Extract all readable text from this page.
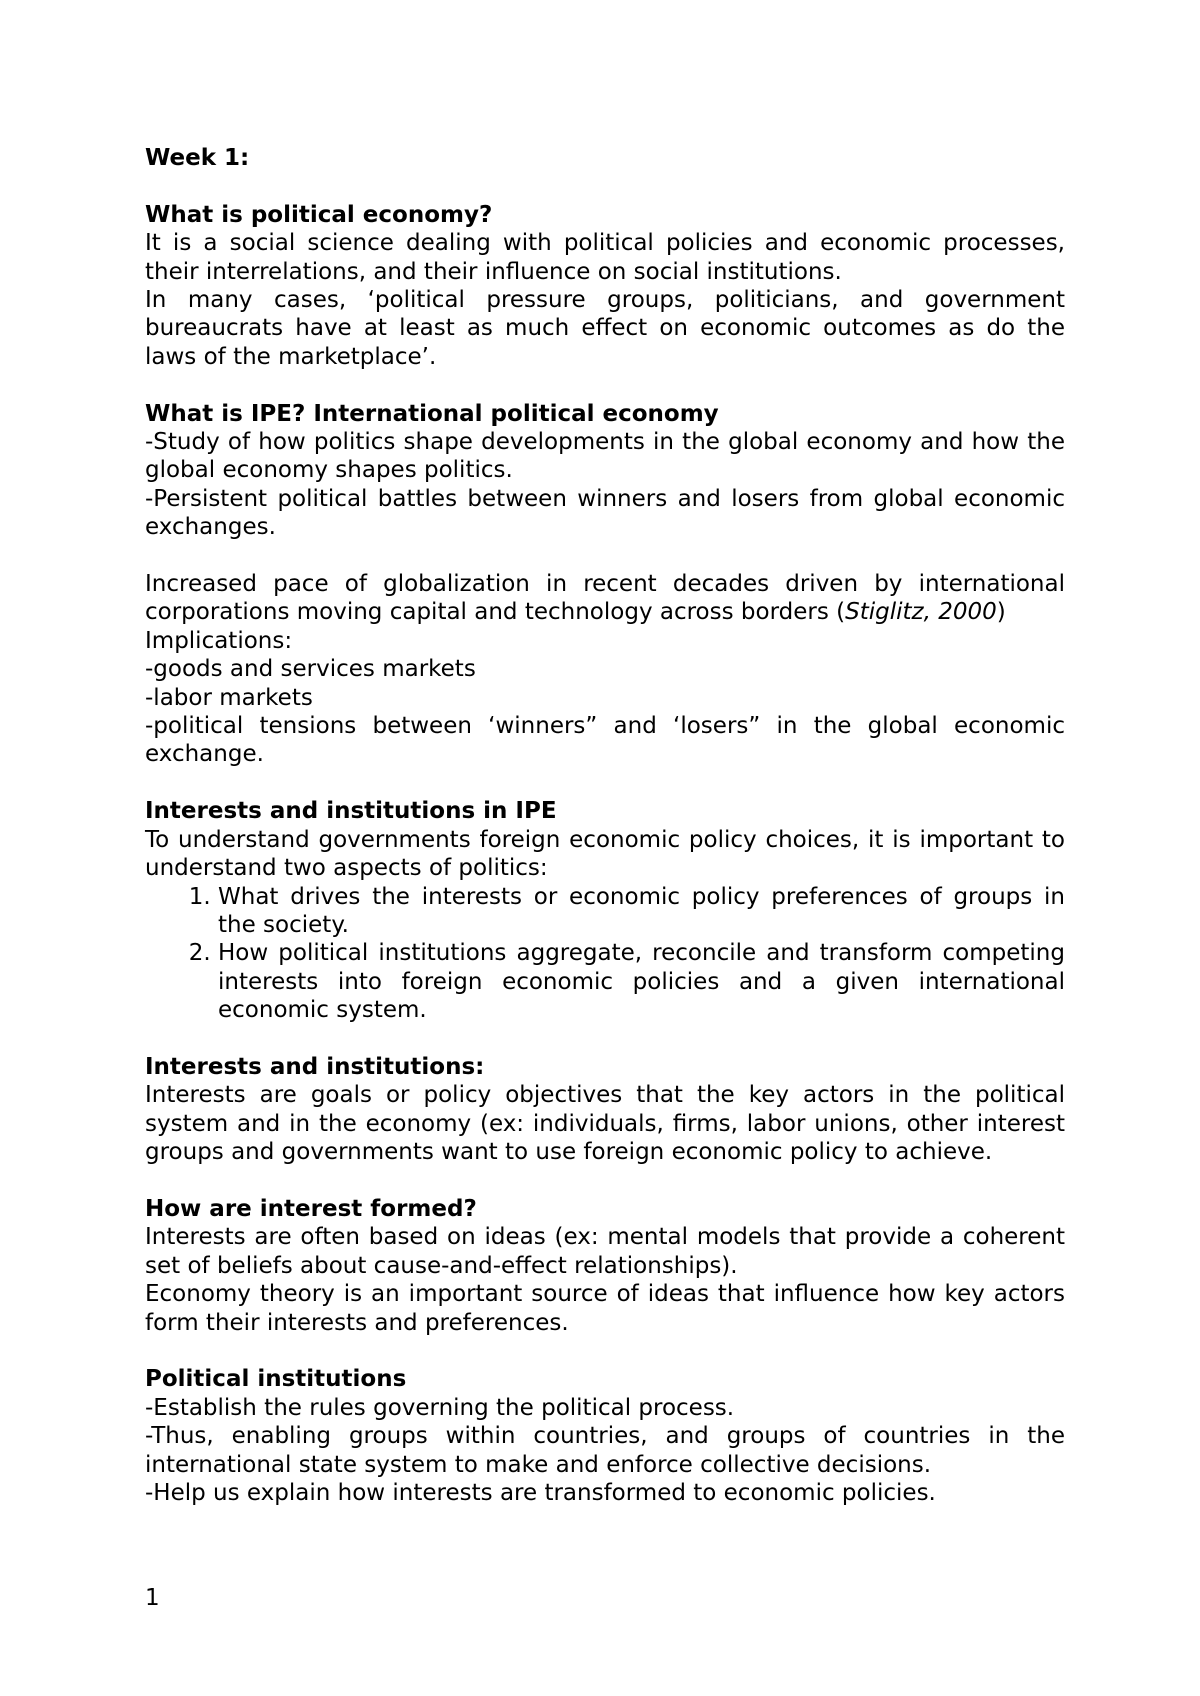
Week 1:

What is political economy?

It is a social science dealing with political policies and economic processes, their interrelations, and their influence on social institutions.

In many cases, ‘political pressure groups, politicians, and government bureaucrats have at least as much effect on economic outcomes as do the laws of the marketplace’.

What is IPE? International political economy

-Study of how politics shape developments in the global economy and how the global economy shapes politics.

-Persistent political battles between winners and losers from global economic exchanges.

Increased pace of globalization in recent decades driven by international corporations moving capital and technology across borders (Stiglitz, 2000)

Implications:

-goods and services markets

-labor markets

-political tensions between ‘winners” and ‘losers” in the global economic exchange.

Interests and institutions in IPE

To understand governments foreign economic policy choices, it is important to understand two aspects of politics:

1. What drives the interests or economic policy preferences of groups in the society.
2. How political institutions aggregate, reconcile and transform competing interests into foreign economic policies and a given international economic system.

Interests and institutions:

Interests are goals or policy objectives that the key actors in the political system and in the economy (ex: individuals, firms, labor unions, other interest groups and governments want to use foreign economic policy to achieve.

How are interest formed?

Interests are often based on ideas (ex: mental models that provide a coherent set of beliefs about cause-and-effect relationships).

Economy theory is an important source of ideas that influence how key actors form their interests and preferences.

Political institutions

-Establish the rules governing the political process.

-Thus, enabling groups within countries, and groups of countries in the international state system to make and enforce collective decisions.

-Help us explain how interests are transformed to economic policies.

1
